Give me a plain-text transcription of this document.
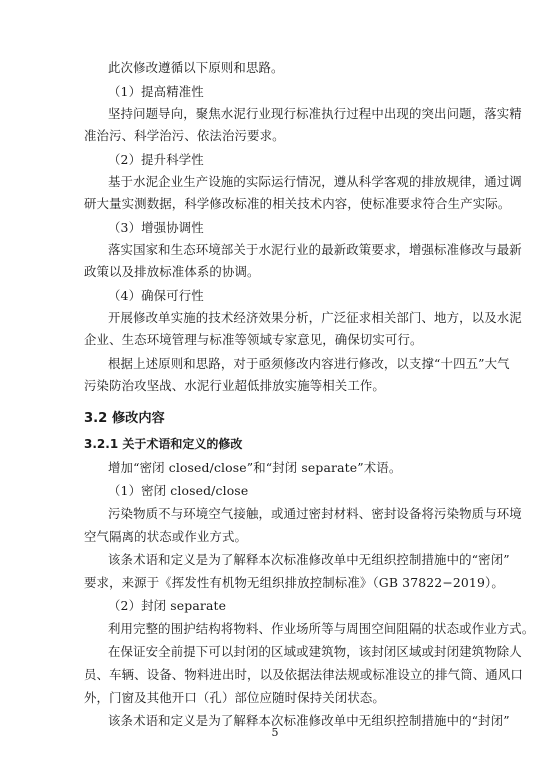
此次修改遵循以下原则和思路。
（1）提高精准性
坚持问题导向，聚焦水泥行业现行标准执行过程中出现的突出问题，落实精
准治污、科学治污、依法治污要求。
（2）提升科学性
基于水泥企业生产设施的实际运行情况，遵从科学客观的排放规律，通过调
研大量实测数据，科学修改标准的相关技术内容，使标准要求符合生产实际。
（3）增强协调性
落实国家和生态环境部关于水泥行业的最新政策要求，增强标准修改与最新
政策以及排放标准体系的协调。
（4）确保可行性
开展修改单实施的技术经济效果分析，广泛征求相关部门、地方，以及水泥
企业、生态环境管理与标准等领域专家意见，确保切实可行。
根据上述原则和思路，对于亟须修改内容进行修改，以支撑“十四五”大气
污染防治攻坚战、水泥行业超低排放实施等相关工作。
3.2 修改内容
3.2.1 关于术语和定义的修改
增加“密闭 closed/close”和“封闭 separate”术语。
（1）密闭 closed/close
污染物质不与环境空气接触，或通过密封材料、密封设备将污染物质与环境
空气隔离的状态或作业方式。
该条术语和定义是为了解释本次标准修改单中无组织控制措施中的“密闭”
要求，来源于《挥发性有机物无组织排放控制标准》（GB 37822−2019）。
（2）封闭 separate
5
利用完整的围护结构将物料、作业场所等与周围空间阻隔的状态或作业方式。
在保证安全前提下可以封闭的区域或建筑物，该封闭区域或封闭建筑物除人
员、车辆、设备、物料进出时，以及依据法律法规或标准设立的排气筒、通风口
外，门窗及其他开口（孔）部位应随时保持关闭状态。
该条术语和定义是为了解释本次标准修改单中无组织控制措施中的“封闭”
